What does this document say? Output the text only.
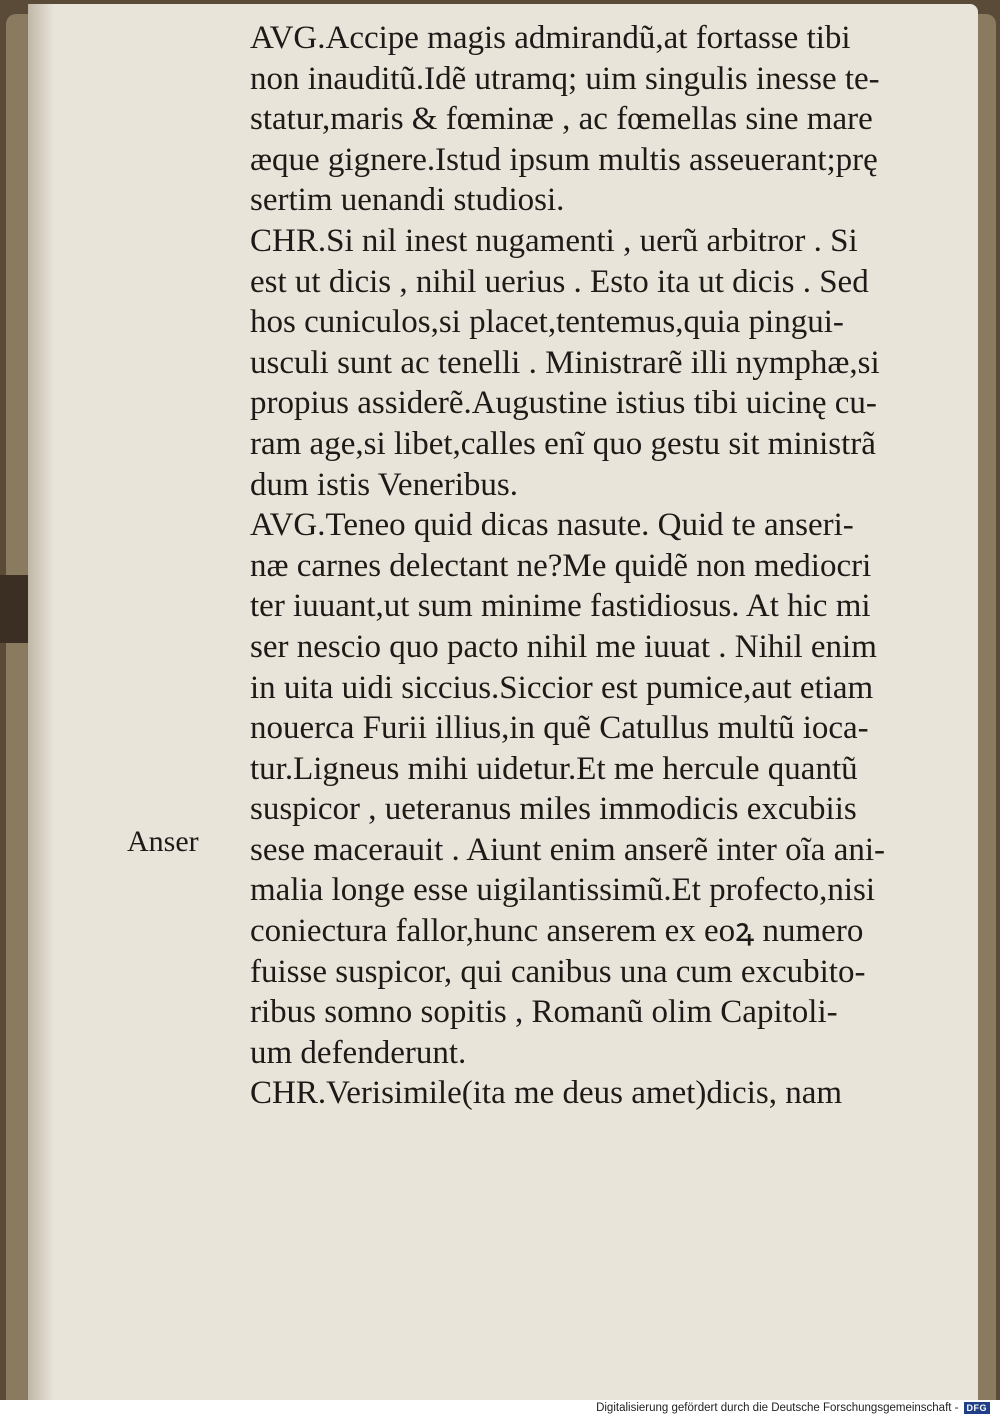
AVG.Accipe magis admirandũ,at fortasse tibi
non inauditũ.Idẽ utramq; uim singulis inesse te-
statur,maris & fœminæ , ac fœmellas sine mare
æque gignere.Istud ipsum multis asseuerant;prę
sertim uenandi studiosi.
CHR.Si nil inest nugamenti , uerũ arbitror . Si
est ut dicis , nihil uerius . Esto ita ut dicis . Sed
hos cuniculos,si placet,tentemus,quia pingui-
usculi sunt ac tenelli . Ministrarẽ illi nymphæ,si
propius assiderẽ.Augustine istius tibi uicinę cu-
ram age,si libet,calles enĩ quo gestu sit ministrã
dum istis Veneribus.
AVG.Teneo quid dicas nasute. Quid te anseri-
næ carnes delectant ne?Me quidẽ non mediocri
ter iuuant,ut sum minime fastidiosus. At hic mi
ser nescio quo pacto nihil me iuuat . Nihil enim
in uita uidi siccius.Siccior est pumice,aut etiam
nouerca Furii illius,in quẽ Catullus multũ ioca-
tur.Ligneus mihi uidetur.Et me hercule quantũ
suspicor , ueteranus miles immodicis excubiis
sese macerauit . Aiunt enim anserẽ inter oĩa ani-
malia longe esse uigilantissimũ.Et profecto,nisi
coniectura fallor,hunc anserem ex eoꝝ numero
fuisse suspicor, qui canibus una cum excubito-
ribus somno sopitis , Romanũ olim Capitoli-
um defenderunt.
CHR.Verisimile(ita me deus amet)dicis, nam
Anser
Digitalisierung gefördert durch die Deutsche Forschungsgemeinschaft - DFG
